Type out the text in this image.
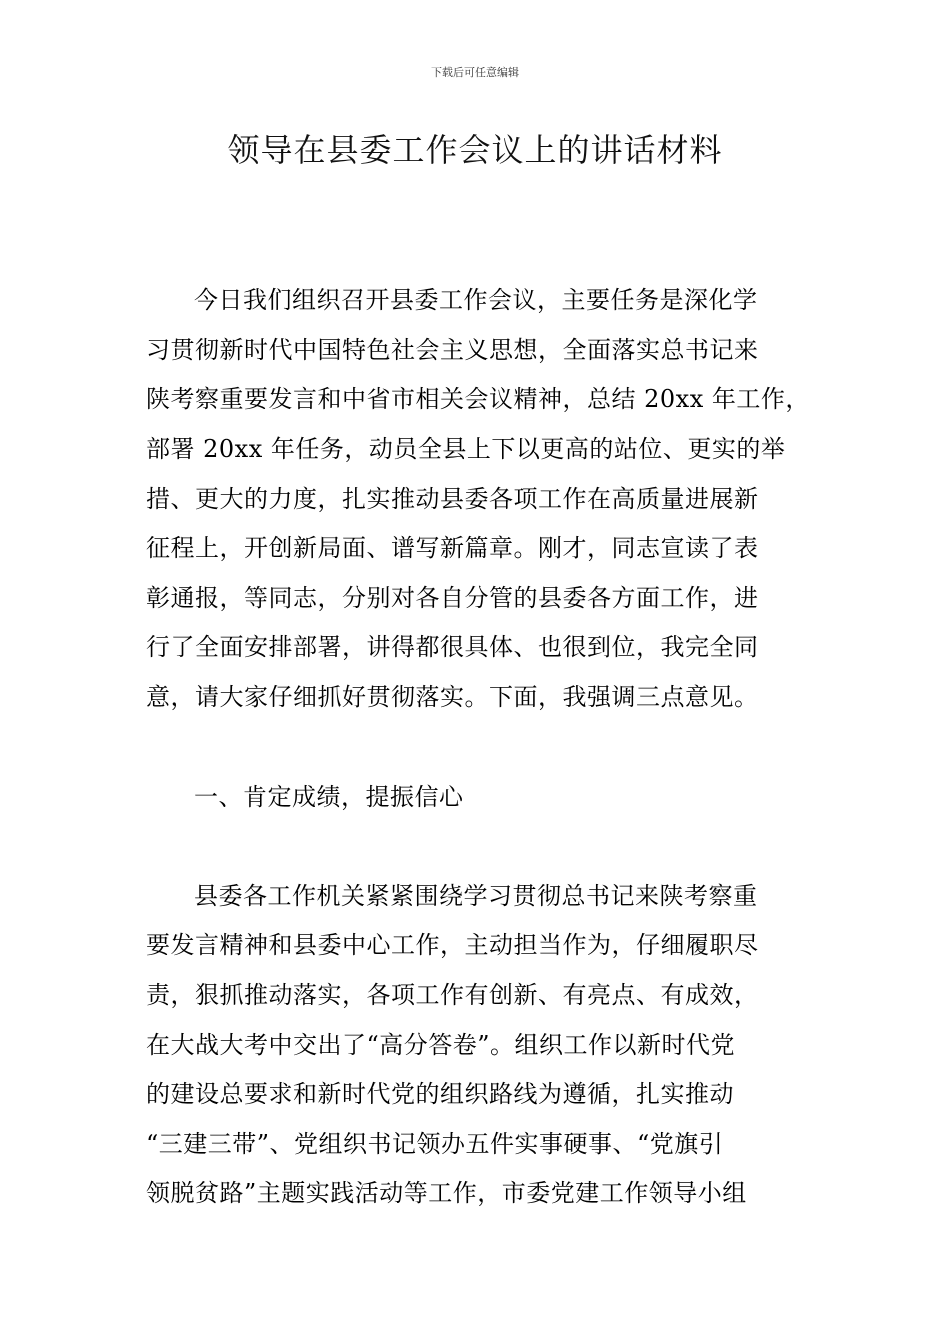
下载后可任意编辑
领导在县委工作会议上的讲话材料
今日我们组织召开县委工作会议，主要任务是深化学
习贯彻新时代中国特色社会主义思想，全面落实总书记来
陕考察重要发言和中省市相关会议精神，总结 20xx 年工作，
部署 20xx 年任务，动员全县上下以更高的站位、更实的举
措、更大的力度，扎实推动县委各项工作在高质量进展新
征程上，开创新局面、谱写新篇章。刚才，同志宣读了表
彰通报，等同志，分别对各自分管的县委各方面工作，进
行了全面安排部署，讲得都很具体、也很到位，我完全同
意，请大家仔细抓好贯彻落实。下面，我强调三点意见。
一、肯定成绩，提振信心
县委各工作机关紧紧围绕学习贯彻总书记来陕考察重
要发言精神和县委中心工作，主动担当作为，仔细履职尽
责，狠抓推动落实，各项工作有创新、有亮点、有成效，
在大战大考中交出了“高分答卷”。组织工作以新时代党
的建设总要求和新时代党的组织路线为遵循，扎实推动
“三建三带”、党组织书记领办五件实事硬事、“党旗引
领脱贫路”主题实践活动等工作，市委党建工作领导小组
